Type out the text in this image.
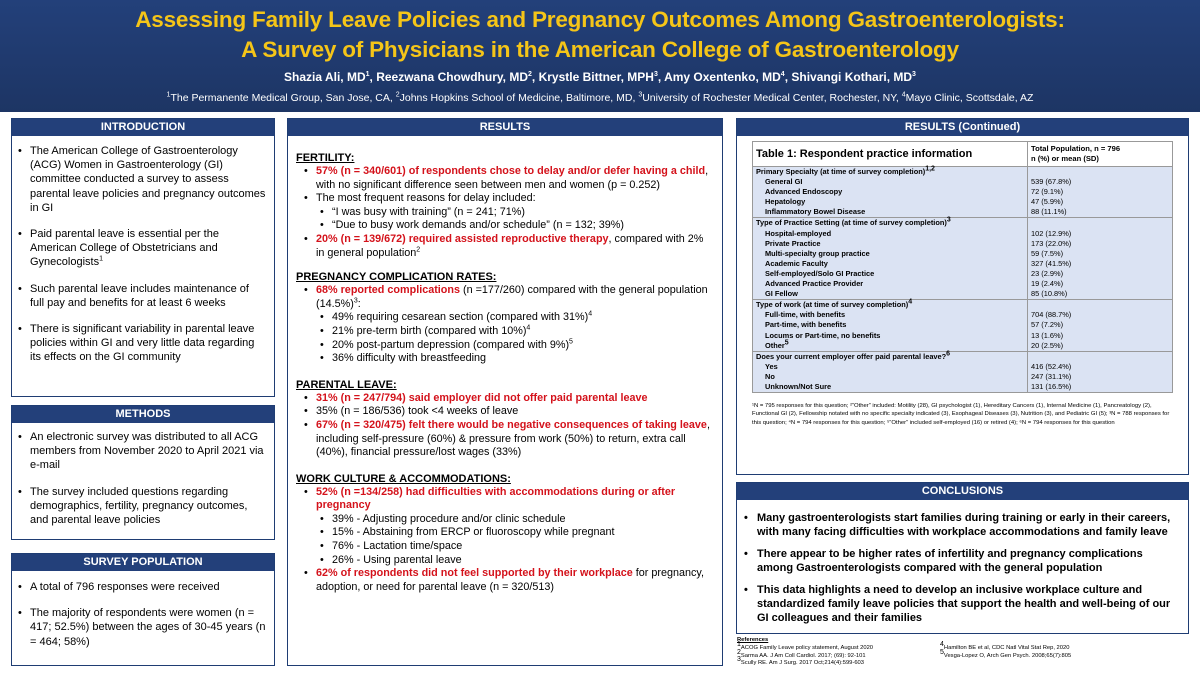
Assessing Family Leave Policies and Pregnancy Outcomes Among Gastroenterologists:
A Survey of Physicians in the American College of Gastroenterology
Shazia Ali, $MD^1$, Reezwana Chowdhury, $MD^2$, Krystle Bittner, MPH$^3$, Amy Oxentenko, $MD^4$, Shivangi Kothari, $MD^3$
$^1$The Permanente Medical Group, San Jose, CA, $^2$Johns Hopkins School of Medicine, Baltimore, MD, $^3$University of Rochester Medical Center, Rochester, NY, $^4$Mayo Clinic, Scottsdale, AZ
INTRODUCTION
• The American College of Gastroenterology (ACG) Women in Gastroenterology (GI) committee conducted a survey to assess parental leave policies and pregnancy outcomes in GI
• Paid parental leave is essential per the American College of Obstetricians and Gynecologists$^1$
• Such parental leave includes maintenance of full pay and benefits for at least 6 weeks
• There is significant variability in parental leave policies within GI and very little data regarding its effects on the GI community
METHODS
• An electronic survey was distributed to all ACG members from November 2020 to April 2021 via e-mail
• The survey included questions regarding demographics, fertility, pregnancy outcomes, and parental leave policies
SURVEY POPULATION
• A total of 796 responses were received
• The majority of respondents were women (n = 417; 52.5%) between the ages of 30-45 years (n = 464; 58%)
RESULTS
FERTILITY:
• 57% (n = 340/601) of respondents chose to delay and/or defer having a child, with no significant difference seen between men and women (p = 0.252)
• The most frequent reasons for delay included:
• “I was busy with training” (n = 241; 71%)
• “Due to busy work demands and/or schedule” (n = 132; 39%)
• 20% (n = 139/672) required assisted reproductive therapy, compared with 2% in general population$^2$
PREGNANCY COMPLICATION RATES:
• 68% reported complications (n =177/260) compared with the general population $(14.5\%)^3$:
• 49% requiring cesarean section (compared with 31%)$^4$
• 21% pre-term birth (compared with 10%)$^4$
• 20% post-partum depression (compared with 9%)$^5$
• 36% difficulty with breastfeeding
PARENTAL LEAVE:
• 31% (n = 247/794) said employer did not offer paid parental leave
• 35% (n = 186/536) took <4 weeks of leave
• 67% (n = 320/475) felt there would be negative consequences of taking leave, including self-pressure (60%) & pressure from work (50%) to return, extra call (40%), financial pressure/lost wages (33%)
WORK CULTURE & ACCOMMODATIONS:
• 52% (n =134/258) had difficulties with accommodations during or after pregnancy
• 39% - Adjusting procedure and/or clinic schedule
• 15% - Abstaining from ERCP or fluoroscopy while pregnant
• 76% - Lactation time/space
• 26% - Using parental leave
• 62% of respondents did not feel supported by their workplace for pregnancy, adoption, or need for parental leave (n = 320/513)
RESULTS (Continued)
Table 1: Respondent practice information	Total Population, n = 796
n (%) or mean (SD)
Primary Specialty (at time of survey completion)$^{1,2}$	
General GI	539 (67.8%)
Advanced Endoscopy	72 (9.1%)
Hepatology	47 (5.9%)
Inflammatory Bowel Disease	88 (11.1%)
Type of Practice Setting (at time of survey completion)$^3$	
Hospital-employed	102 (12.9%)
Private Practice	173 (22.0%)
Multi-specialty group practice	59 (7.5%)
Academic Faculty	327 (41.5%)
Self-employed/Solo GI Practice	23 (2.9%)
Advanced Practice Provider	19 (2.4%)
GI Fellow	85 (10.8%)
Type of work (at time of survey completion)$^4$	
Full-time, with benefits	704 (88.7%)
Part-time, with benefits	57 (7.2%)
Locums or Part-time, no benefits	13 (1.6%)
Other$^5$	20 (2.5%)
Does your current employer offer paid parental leave?$^6$	
Yes	416 (52.4%)
No	247 (31.1%)
Unknown/Not Sure	131 (16.5%)
¹N = 795 responses for this question; ²“Other” included: Motility (28), GI psychologist (1), Hereditary Cancers (1), Internal Medicine (1), Pancreatology (2), Functional GI (2), Fellowship notated with no specific specialty indicated (3), Esophageal Diseases (3), Nutrition (3), and Pediatric GI (5); ³N = 788 responses for this question; ⁴N = 794 responses for this question; ⁵“Other” included self-employed (16) or retired (4); ⁶N = 794 responses for this question
CONCLUSIONS
• Many gastroenterologists start families during training or early in their careers, with many facing difficulties with workplace accommodations and family leave
• There appear to be higher rates of infertility and pregnancy complications among Gastroenterologists compared with the general population
• This data highlights a need to develop an inclusive workplace culture and standardized family leave policies that support the health and well-being of our GI colleagues and their families
References
$^1$ACOG Family Leave policy statement, August 2020
$^2$Sarma AA. J Am Coll Cardiol. 2017; (69): 92-101
$^3$Scully RE. Am J Surg. 2017 Oct;214(4):599-603
$^4$Hamilton BE et al, CDC Natl Vital Stat Rep, 2020
$^5$Vesga-Lopez O, Arch Gen Psych. 2008;65(7):805
